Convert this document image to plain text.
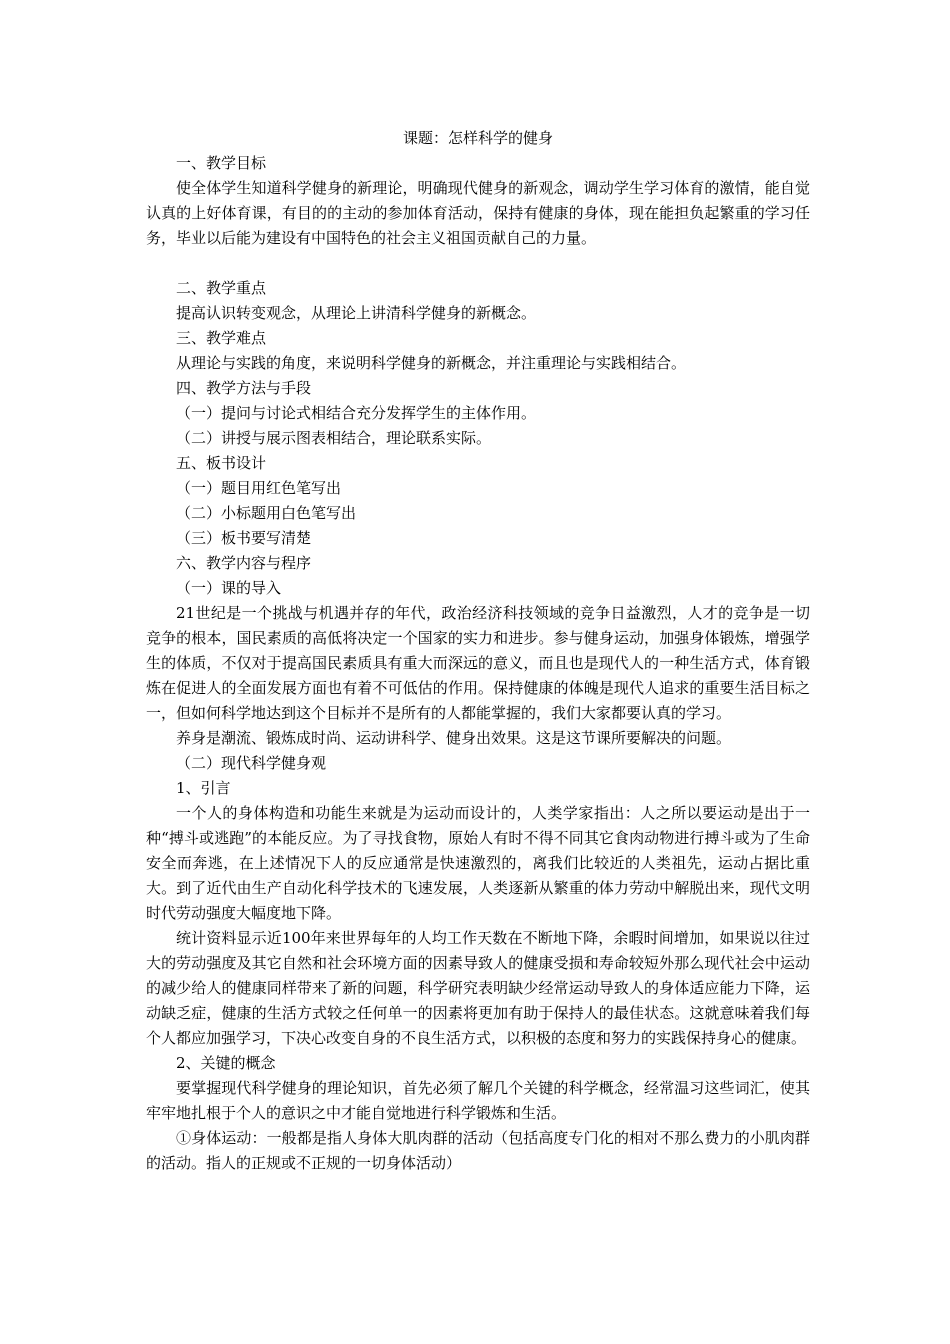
课题：怎样科学的健身

一、教学目标

使全体学生知道科学健身的新理论，明确现代健身的新观念，调动学生学习体育的激情，能自觉认真的上好体育课，有目的的主动的参加体育活动，保持有健康的身体，现在能担负起繁重的学习任务，毕业以后能为建设有中国特色的社会主义祖国贡献自己的力量。

二、教学重点

提高认识转变观念，从理论上讲清科学健身的新概念。

三、教学难点

从理论与实践的角度，来说明科学健身的新概念，并注重理论与实践相结合。

四、教学方法与手段

（一）提问与讨论式相结合充分发挥学生的主体作用。

（二）讲授与展示图表相结合，理论联系实际。

五、板书设计

（一）题目用红色笔写出

（二）小标题用白色笔写出

（三）板书要写清楚

六、教学内容与程序

（一）课的导入

21世纪是一个挑战与机遇并存的年代，政治经济科技领域的竞争日益激烈，人才的竞争是一切竞争的根本，国民素质的高低将决定一个国家的实力和进步。参与健身运动，加强身体锻炼，增强学生的体质，不仅对于提高国民素质具有重大而深远的意义，而且也是现代人的一种生活方式，体育锻炼在促进人的全面发展方面也有着不可低估的作用。保持健康的体魄是现代人追求的重要生活目标之一，但如何科学地达到这个目标并不是所有的人都能掌握的，我们大家都要认真的学习。

养身是潮流、锻炼成时尚、运动讲科学、健身出效果。这是这节课所要解决的问题。

（二）现代科学健身观

1、引言

一个人的身体构造和功能生来就是为运动而设计的，人类学家指出：人之所以要运动是出于一种“搏斗或逃跑”的本能反应。为了寻找食物，原始人有时不得不同其它食肉动物进行搏斗或为了生命安全而奔逃，在上述情况下人的反应通常是快速激烈的，离我们比较近的人类祖先，运动占据比重大。到了近代由生产自动化科学技术的飞速发展，人类逐新从繁重的体力劳动中解脱出来，现代文明时代劳动强度大幅度地下降。

统计资料显示近100年来世界每年的人均工作天数在不断地下降，余暇时间增加，如果说以往过大的劳动强度及其它自然和社会环境方面的因素导致人的健康受损和寿命较短外那么现代社会中运动的减少给人的健康同样带来了新的问题，科学研究表明缺少经常运动导致人的身体适应能力下降，运动缺乏症，健康的生活方式较之任何单一的因素将更加有助于保持人的最佳状态。这就意味着我们每个人都应加强学习，下决心改变自身的不良生活方式，以积极的态度和努力的实践保持身心的健康。

2、关键的概念

要掌握现代科学健身的理论知识，首先必须了解几个关键的科学概念，经常温习这些词汇，使其牢牢地扎根于个人的意识之中才能自觉地进行科学锻炼和生活。

①身体运动：一般都是指人身体大肌肉群的活动（包括高度专门化的相对不那么费力的小肌肉群的活动。指人的正规或不正规的一切身体活动）
